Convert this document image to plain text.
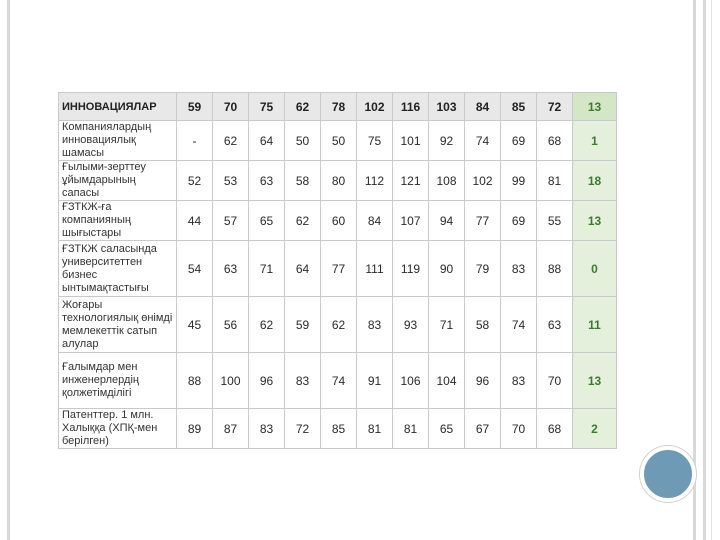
ИННОВАЦИЯЛАР	59	70	75	62	78	102	116	103	84	85	72	13
Компаниялардың инновациялық шамасы	-	62	64	50	50	75	101	92	74	69	68	1
Ғылыми-зерттеу ұйымдарының сапасы	52	53	63	58	80	112	121	108	102	99	81	18
ҒЗТКЖ-ға компанияның шығыстары	44	57	65	62	60	84	107	94	77	69	55	13
ҒЗТКЖ саласында университеттен бизнес ынтымақтастығы	54	63	71	64	77	111	119	90	79	83	88	0
Жоғары технологиялық өнімді мемлекеттік сатып алулар	45	56	62	59	62	83	93	71	58	74	63	11
Ғалымдар мен инженерлердің қолжетімділігі	88	100	96	83	74	91	106	104	96	83	70	13
Патенттер. 1 млн. Халыққа (ХПҚ-мен берілген)	89	87	83	72	85	81	81	65	67	70	68	2
